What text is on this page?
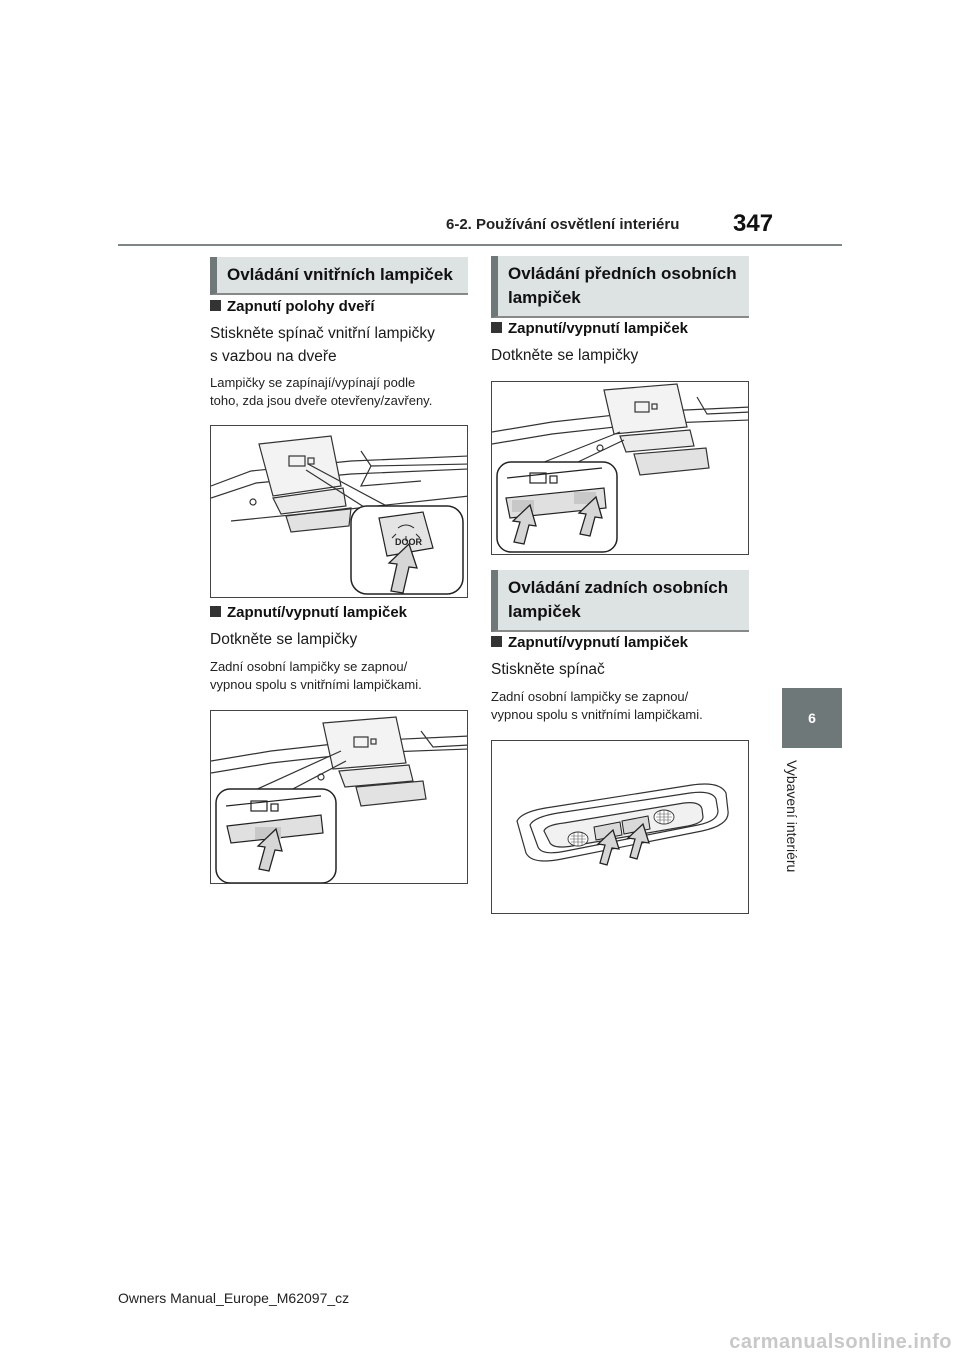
6-2. Používání osvětlení interiéru 347
6
Vybavení interiéru
Ovládání vnitřních lampiček
Zapnutí polohy dveří
Stiskněte spínač vnitřní lampičky
s vazbou na dveře
Lampičky se zapínají/vypínají podle
toho, zda jsou dveře otevřeny/zavřeny.
DOOR
Zapnutí/vypnutí lampiček
Dotkněte se lampičky
Zadní osobní lampičky se zapnou/
vypnou spolu s vnitřními lampičkami.
Ovládání předních osobních
lampiček
Zapnutí/vypnutí lampiček
Dotkněte se lampičky
Ovládání zadních osobních
lampiček
Zapnutí/vypnutí lampiček
Stiskněte spínač
Zadní osobní lampičky se zapnou/
vypnou spolu s vnitřními lampičkami.
Owners Manual_Europe_M62097_cz
carmanualsonline.info
